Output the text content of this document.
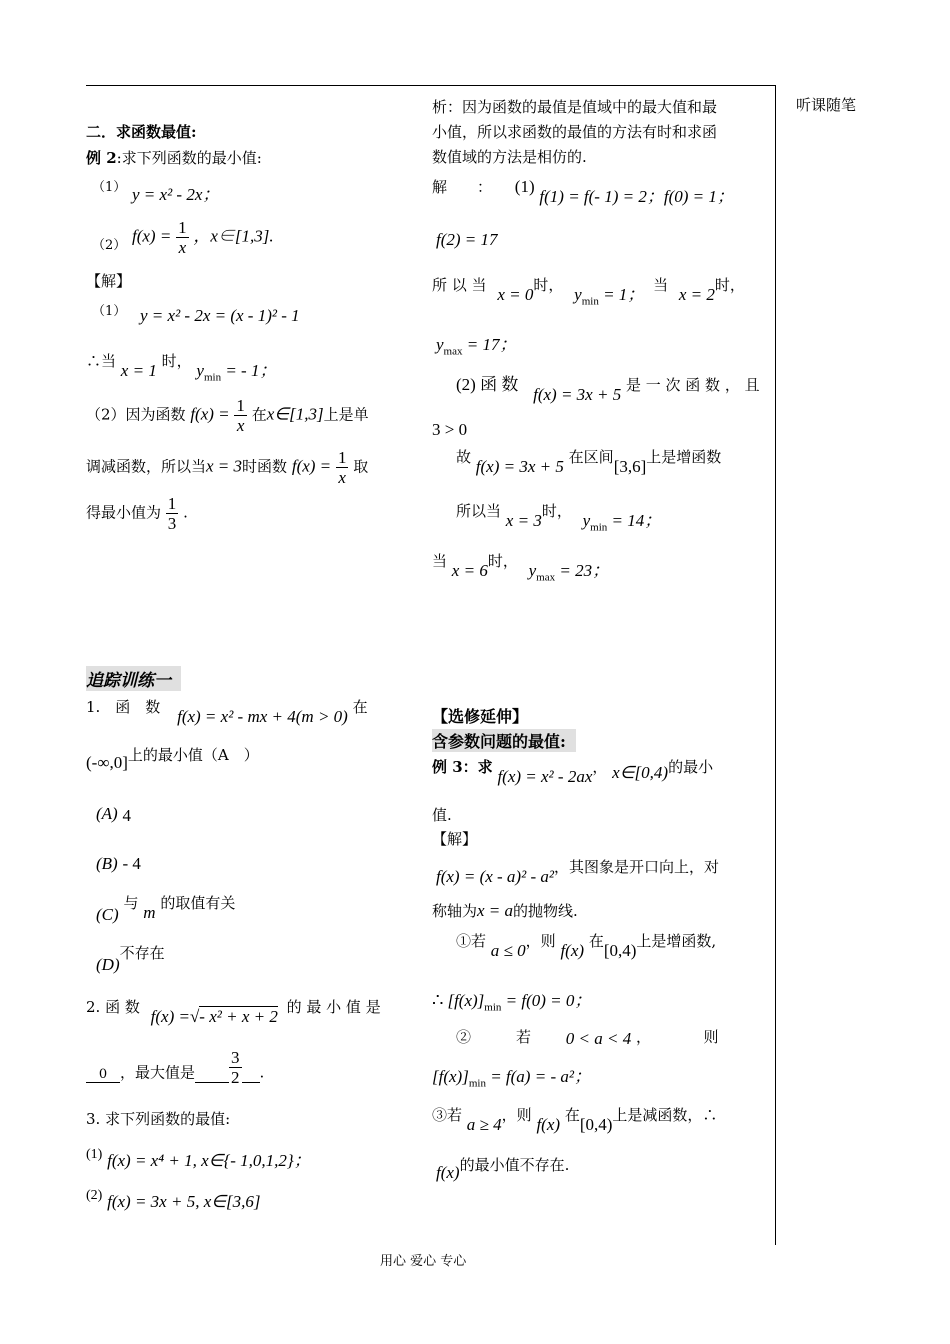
听课随笔
二．求函数最值:
例 2:求下列函数的最小值:
（1） y = x² - 2x；
（2） $f(x) = \frac{1}{x}$ ，x∈[1,3].
【解】
（1） y = x² - 2x = (x - 1)² - 1
∴当 x = 1 时， $y_{min}$ = - 1；
（2）因为函数 $f(x) = \frac{1}{x}$ 在x∈[1,3]上是单
调减函数，所以当x = 3时函数 $f(x) = \frac{1}{x}$ 取
得最小值为 $\frac{1}{3}$ .
追踪训练一
1.　函　数 f(x) = x² - mx + 4(m > 0) 在
(-∞,0]上的最小值（A　）
(A) 4
(B) - 4
(C) 与 m 的取值有关
(D)不存在
2. 函 数 f(x) =√- x² + x + 2 的 最 小 值 是
0 ，最大值是 $\frac{3}{2}$ .
3. 求下列函数的最值:
(1) f(x) = x⁴ + 1, x∈{- 1,0,1,2}；
(2) f(x) = 3x + 5, x∈[3,6]
析：因为函数的最值是值域中的最大值和最
小值，所以求函数的最值的方法有时和求函
数值域的方法是相仿的.
解　　： (1) f(1) = f(- 1) = 2；f(0) = 1；
f(2) = 17
所 以 当 x = 0时， $y_{min} = 1$； 当 x = 2时，
$y_{max} = 17$；
(2) 函 数 f(x) = 3x + 5 是 一 次 函 数 ， 且
3 > 0
故 f(x) = 3x + 5 在区间[3,6]上是增函数
所以当 x = 3时， $y_{min} = 14$；
当 x = 6时， $y_{max} = 23$；
【选修延伸】
含参数问题的最值:
例 3：求 f(x) = x² - 2ax， x∈[0,4)的最小
值.
【解】
f(x) = (x - a)² - a²，其图象是开口向上，对
称轴为x = a的抛物线.
①若 a ≤ 0，则 f(x) 在[0,4)上是增函数,
∴ $[f(x)]_{min} = f(0) = 0$；
②　　　若 0 < a < 4 ，　　　　则
$[f(x)]_{min} = f(a)$ = - a²；
③若 a ≥ 4，则 f(x) 在[0,4)上是减函数，∴
f(x)的最小值不存在.
用心 爱心 专心
